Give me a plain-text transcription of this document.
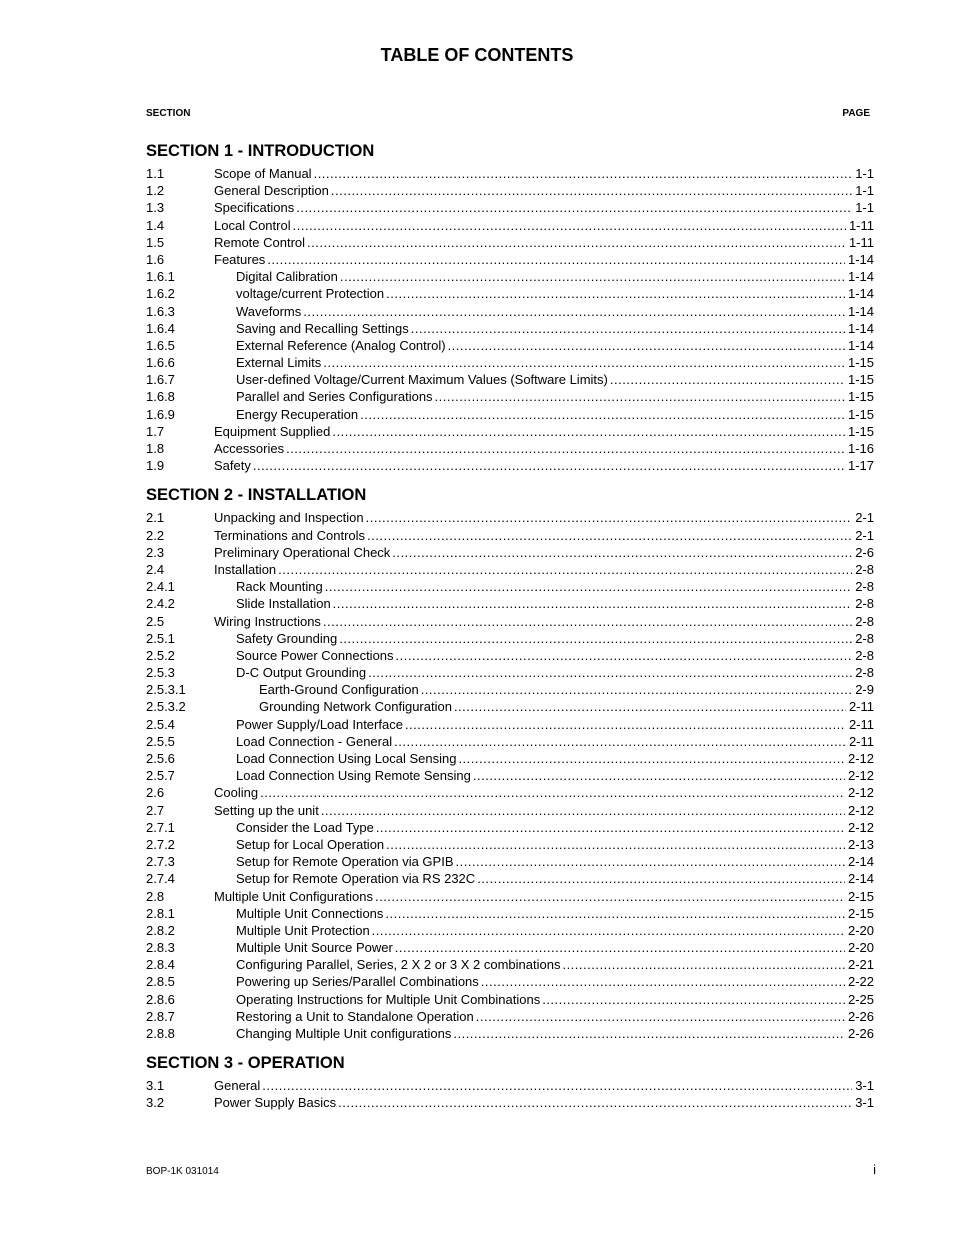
TABLE OF CONTENTS
SECTION	PAGE
SECTION 1 - INTRODUCTION
1.1	Scope of Manual .....	1-1
1.2	General Description .....	1-1
1.3	Specifications .....	1-1
1.4	Local Control .....	1-11
1.5	Remote Control .....	1-11
1.6	Features .....	1-14
1.6.1	Digital Calibration .....	1-14
1.6.2	voltage/current Protection .....	1-14
1.6.3	Waveforms .....	1-14
1.6.4	Saving and Recalling Settings .....	1-14
1.6.5	External Reference (Analog Control) .....	1-14
1.6.6	External Limits .....	1-15
1.6.7	User-defined Voltage/Current Maximum Values (Software Limits) .....	1-15
1.6.8	Parallel and Series Configurations .....	1-15
1.6.9	Energy Recuperation .....	1-15
1.7	Equipment Supplied .....	1-15
1.8	Accessories .....	1-16
1.9	Safety .....	1-17
SECTION 2 - INSTALLATION
2.1	Unpacking and Inspection .....	2-1
2.2	Terminations and Controls .....	2-1
2.3	Preliminary Operational Check .....	2-6
2.4	Installation .....	2-8
2.4.1	Rack Mounting .....	2-8
2.4.2	Slide Installation .....	2-8
2.5	Wiring Instructions .....	2-8
2.5.1	Safety Grounding .....	2-8
2.5.2	Source Power Connections .....	2-8
2.5.3	D-C Output Grounding .....	2-8
2.5.3.1	Earth-Ground Configuration .....	2-9
2.5.3.2	Grounding Network Configuration .....	2-11
2.5.4	Power Supply/Load Interface .....	2-11
2.5.5	Load Connection - General .....	2-11
2.5.6	Load Connection Using Local Sensing .....	2-12
2.5.7	Load Connection Using Remote Sensing .....	2-12
2.6	Cooling .....	2-12
2.7	Setting up the unit .....	2-12
2.7.1	Consider the Load Type .....	2-12
2.7.2	Setup for Local Operation .....	2-13
2.7.3	Setup for Remote Operation via GPIB .....	2-14
2.7.4	Setup for Remote Operation via RS 232C .....	2-14
2.8	Multiple Unit Configurations .....	2-15
2.8.1	Multiple Unit Connections .....	2-15
2.8.2	Multiple Unit Protection .....	2-20
2.8.3	Multiple Unit Source Power .....	2-20
2.8.4	Configuring Parallel, Series, 2 X 2 or 3 X 2 combinations .....	2-21
2.8.5	Powering up Series/Parallel Combinations .....	2-22
2.8.6	Operating Instructions for Multiple Unit Combinations .....	2-25
2.8.7	Restoring a Unit to Standalone Operation .....	2-26
2.8.8	Changing Multiple Unit configurations .....	2-26
SECTION 3 - OPERATION
3.1	General .....	3-1
3.2	Power Supply Basics .....	3-1
BOP-1K 031014	i
